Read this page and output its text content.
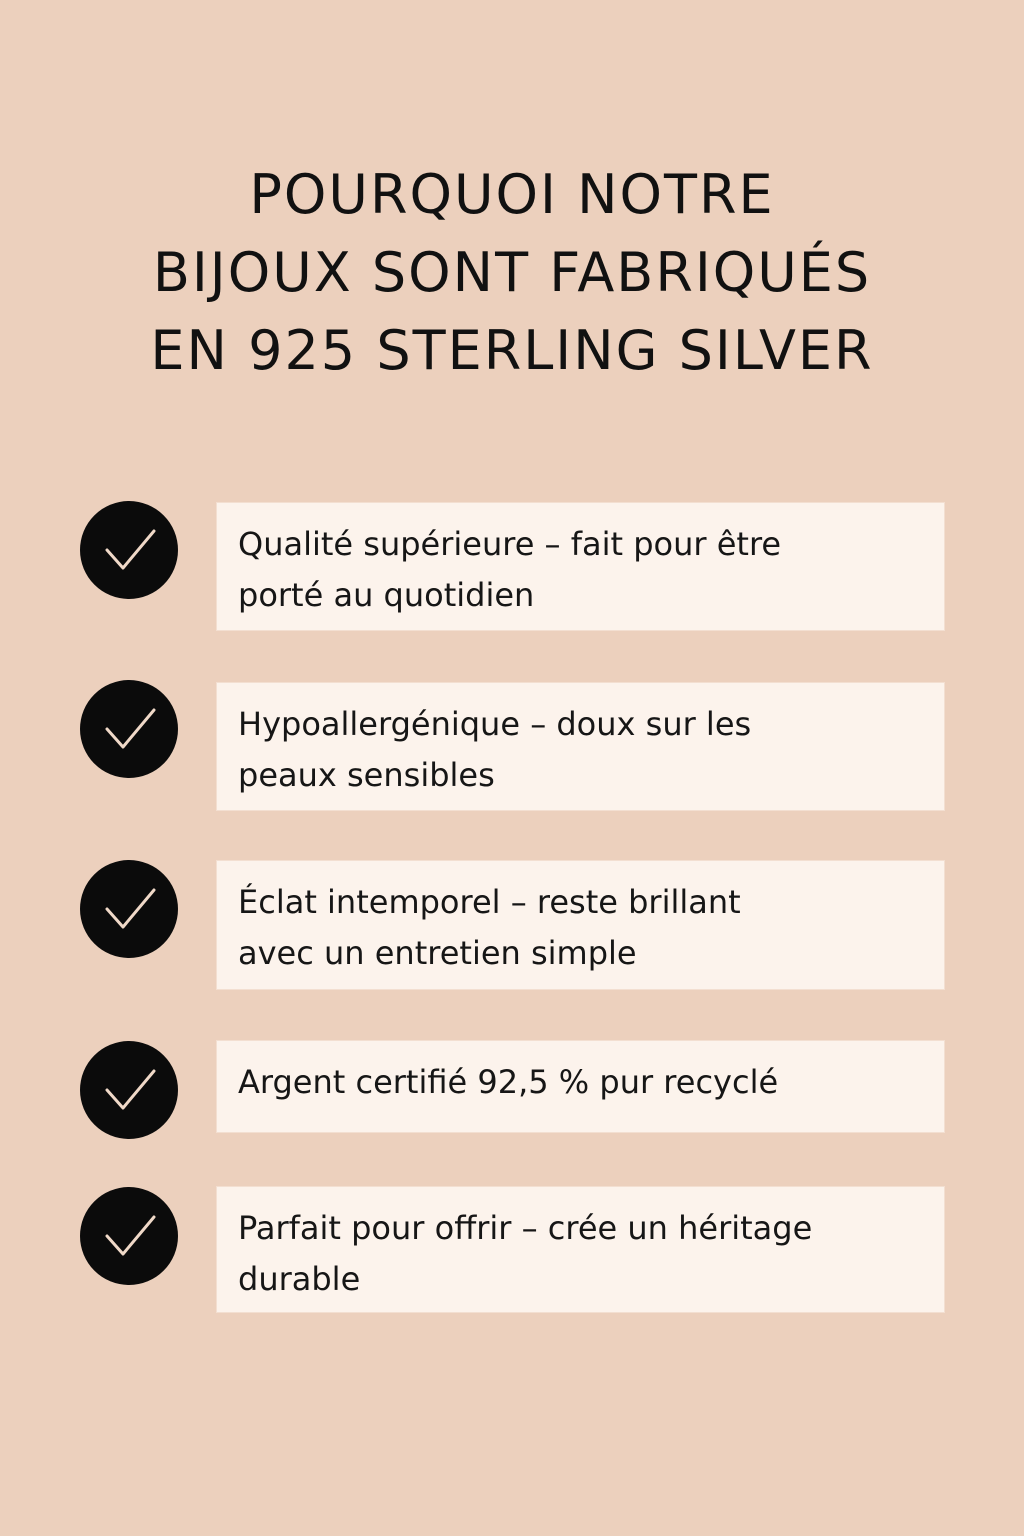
POURQUOI NOTRE
BIJOUX SONT FABRIQUÉS
EN 925 STERLING SILVER

Qualité supérieure – fait pour être
porté au quotidien

Hypoallergénique – doux sur les
peaux sensibles

Éclat intemporel – reste brillant
avec un entretien simple

Argent certifié 92,5 % pur recyclé

Parfait pour offrir – crée un héritage
durable
